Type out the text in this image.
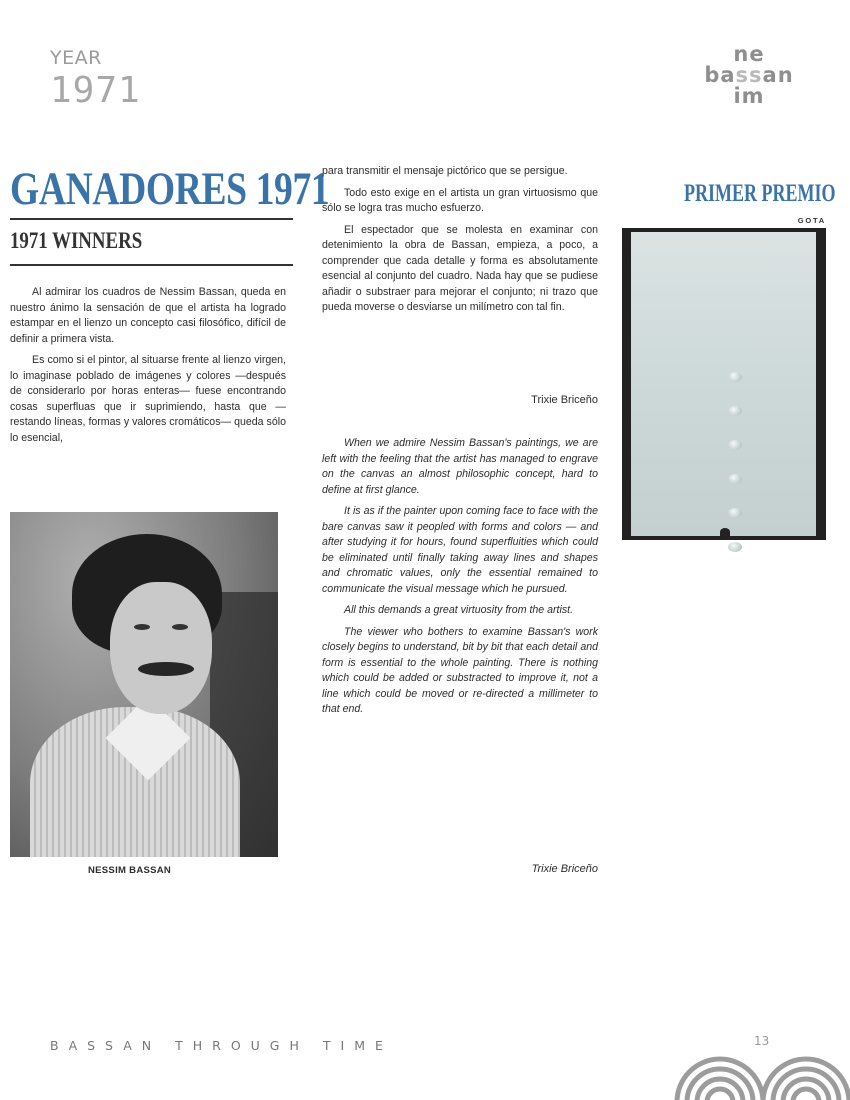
YEAR
1971
ne
bassan
im
GANADORES 1971
1971 WINNERS

Al admirar los cuadros de Nessim Bassan, queda en nuestro ánimo la sensación de que el artista ha logrado estampar en el lienzo un concepto casi filosófico, difícil de definir a primera vista.

Es como si el pintor, al situarse frente al lienzo virgen, lo imaginase poblado de imágenes y colores —después de considerarlo por horas enteras— fuese encontrando cosas superfluas que ir suprimiendo, hasta que —restando líneas, formas y valores cromáticos— queda sólo lo esencial,

NESSIM BASSAN

para transmitir el mensaje pictórico que se persigue.

Todo esto exige en el artista un gran virtuosismo que sólo se logra tras mucho esfuerzo.

El espectador que se molesta en examinar con detenimiento la obra de Bassan, empieza, a poco, a comprender que cada detalle y forma es absolutamente esencial al conjunto del cuadro. Nada hay que se pudiese añadir o substraer para mejorar el conjunto; ni trazo que pueda moverse o desviarse un milímetro con tal fin.

Trixie Briceño

When we admire Nessim Bassan's paintings, we are left with the feeling that the artist has managed to engrave on the canvas an almost philosophic concept, hard to define at first glance.

It is as if the painter upon coming face to face with the bare canvas saw it peopled with forms and colors — and after studying it for hours, found superfluities which could be eliminated until finally taking away lines and shapes and chromatic values, only the essential remained to communicate the visual message which he pursued.

All this demands a great virtuosity from the artist.

The viewer who bothers to examine Bassan's work closely begins to understand, bit by bit that each detail and form is essential to the whole painting. There is nothing which could be added or substracted to improve it, not a line which could be moved or re-directed a millimeter to that end.

Trixie Briceño
PRIMER PREMIO
GOTA
BASSAN THROUGH TIME	13
